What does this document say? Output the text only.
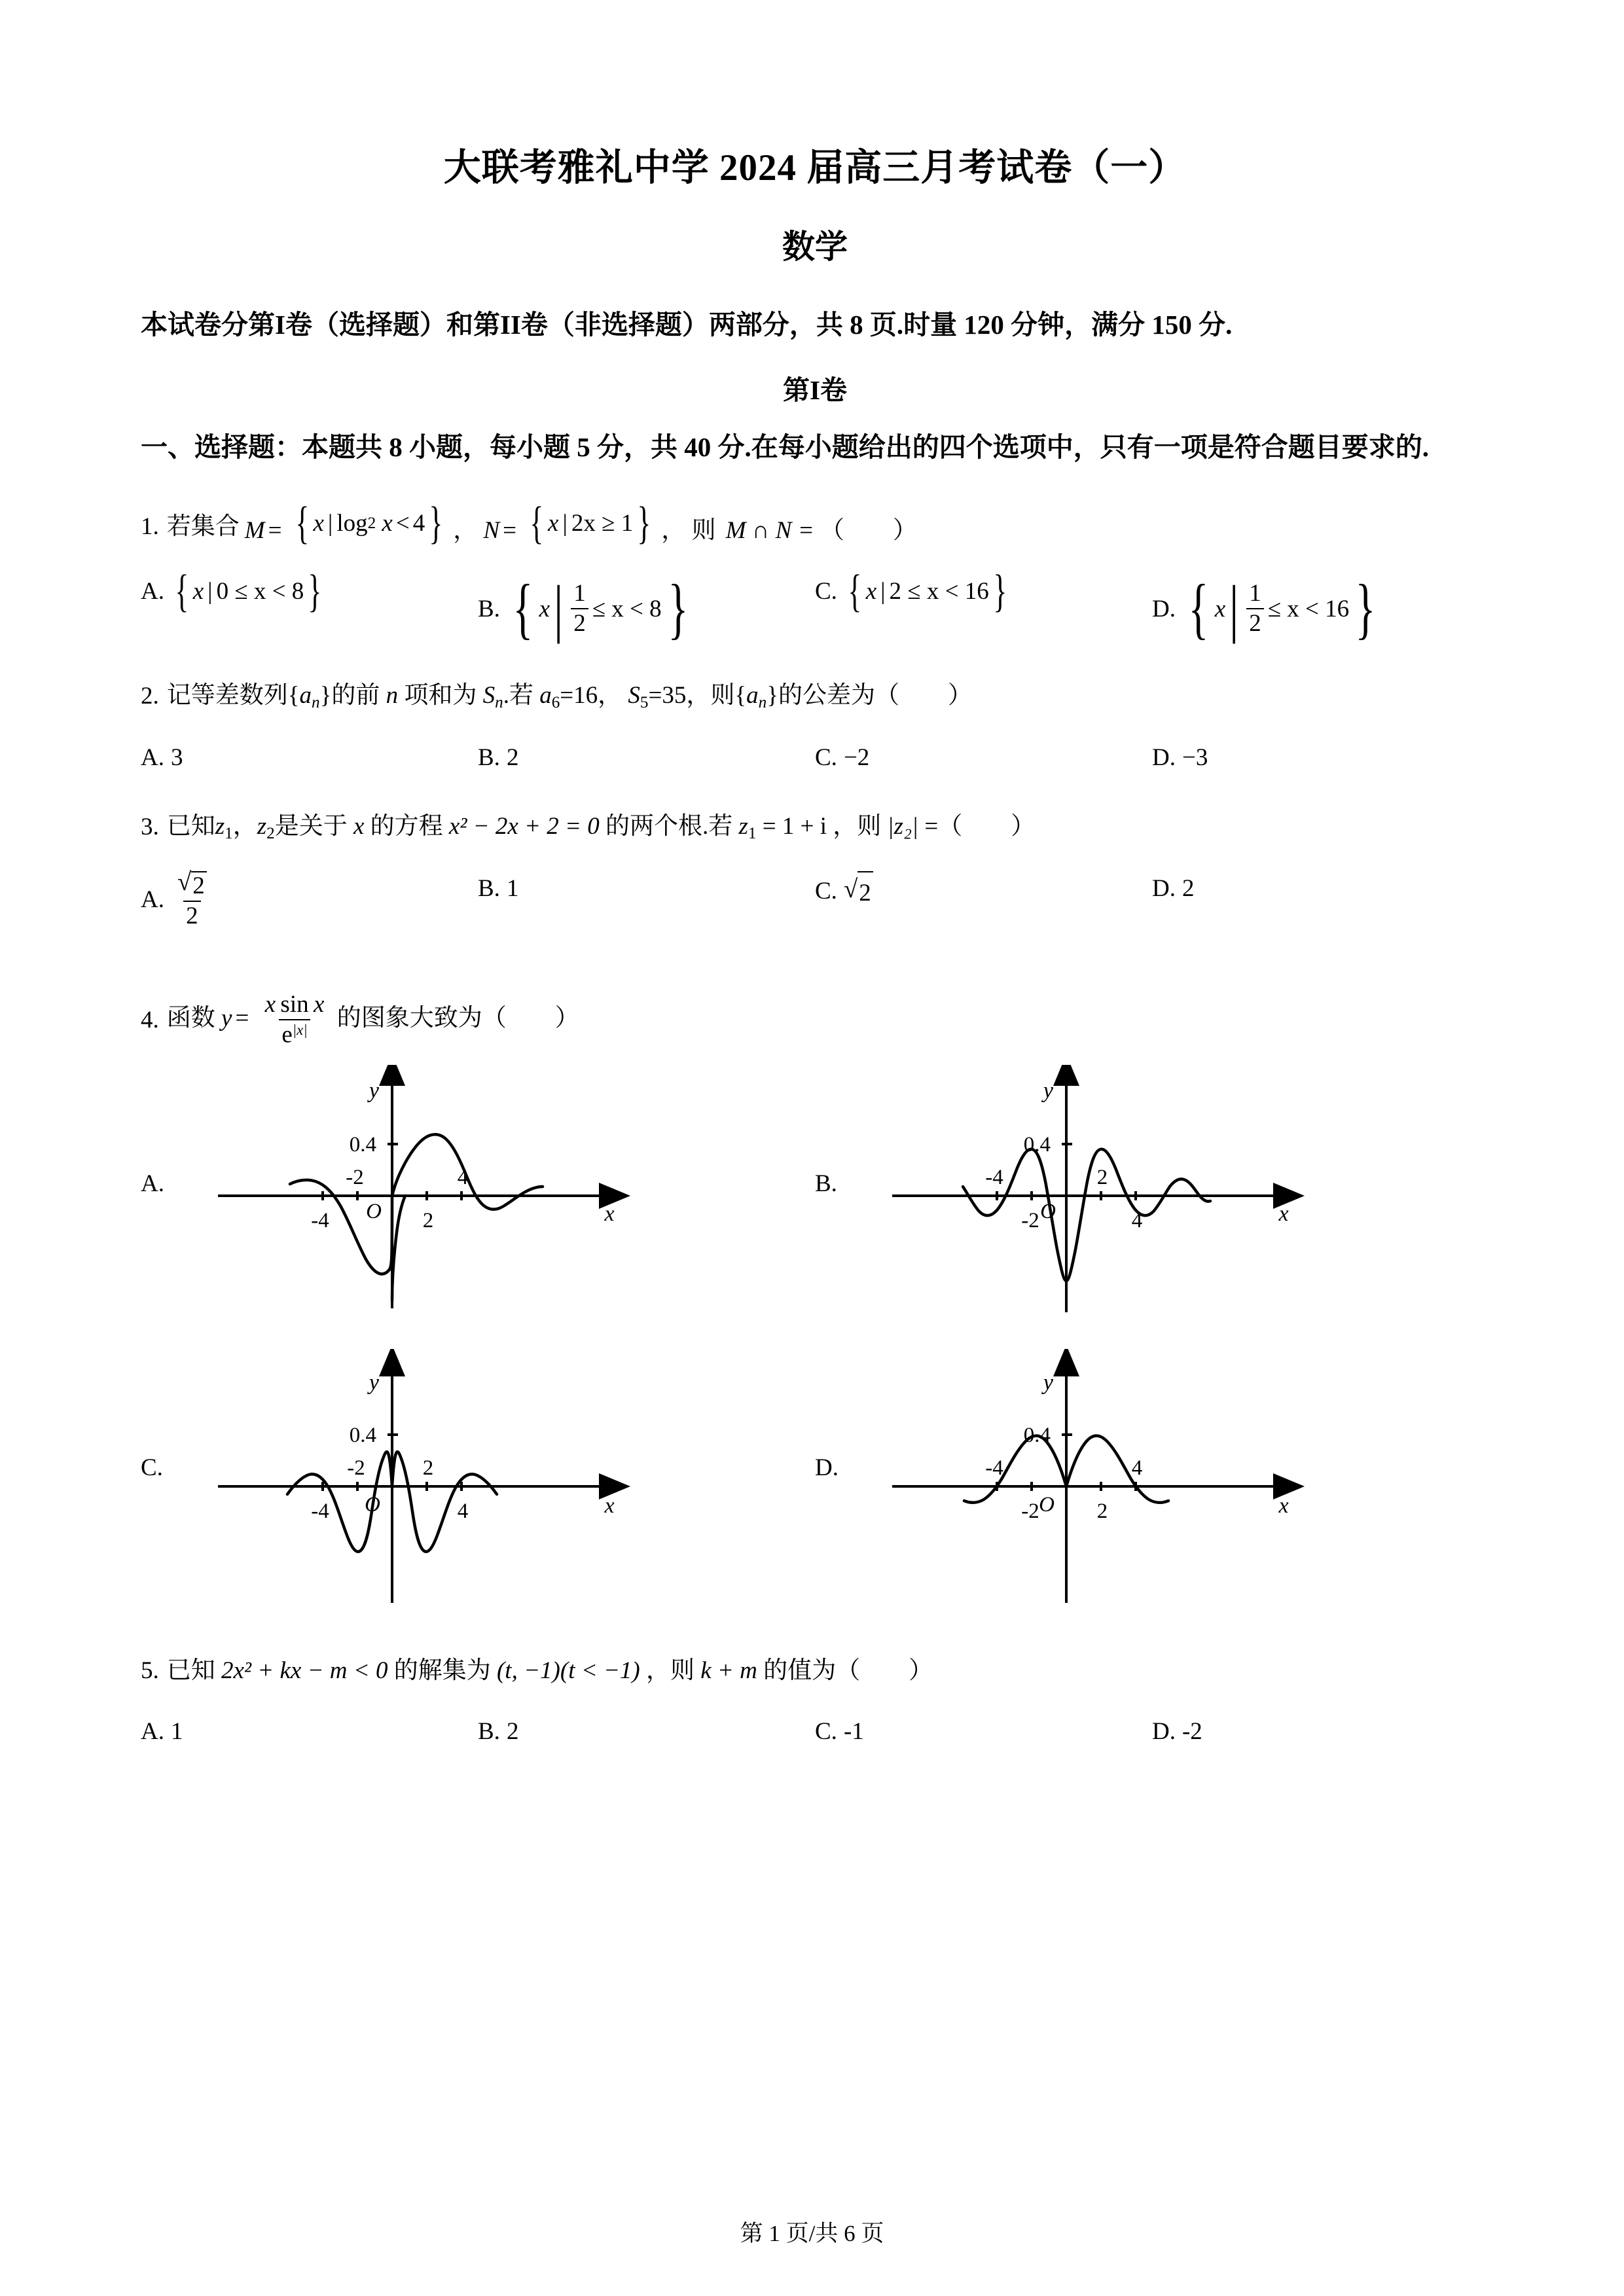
大联考雅礼中学 2024 届高三月考试卷（一）
数学
本试卷分第I卷（选择题）和第II卷（非选择题）两部分，共 8 页.时量 120 分钟，满分 150 分.
第I卷
一、选择题：本题共 8 小题，每小题 5 分，共 40 分.在每小题给出的四个选项中，只有一项是符合题目要求的.
1. 若集合 M = { x | log 2
x < 4 } ， N = { x | 2x ≥ 1 } ， 则 M ∩ N = （　　）
A. { x | 0 ≤ x < 8 }	B. { x | $\frac{1}{2} \le x < 8$ }	C. { x | 2 ≤ x < 16 }	D. { x | $\frac{1}{2} \le x < 16$ }
2. 记等差数列$\{a_n\}$的前 n 项和为 $S_n$.若 a6=16， S5=35，则$\{a_n\}$的公差为（　　）
A. 3	B. 2	C. −2	D. −3
3. 已知z1，z2是关于 x 的方程 x² − 2x + 2 = 0 的两个根.若 z1 = 1 + i ，则 |z₂| =（　　）
A. $\frac{√ 2}{2}$	B. 1	C. √ 2	D. 2
4. 函数 $y = \frac{\text{x  sin  x}}{e^{|x|}}$ 的图象大致为（　　）
A.
-4
-2
2
4
0.4
O
y
x
B.	-4
-2
2
4
0.4
O
y
x
C.
-4
-2	2
4
0.4
O
y
x
D.	-4
-2	2
4
0.4
O
y
x
5. 已知 2x² + kx − m < 0 的解集为 (t, −1)(t < −1) ，则 k + m 的值为（　　）
A. 1	B. 2	C. -1	D. -2
第 1 页/共 6 页
